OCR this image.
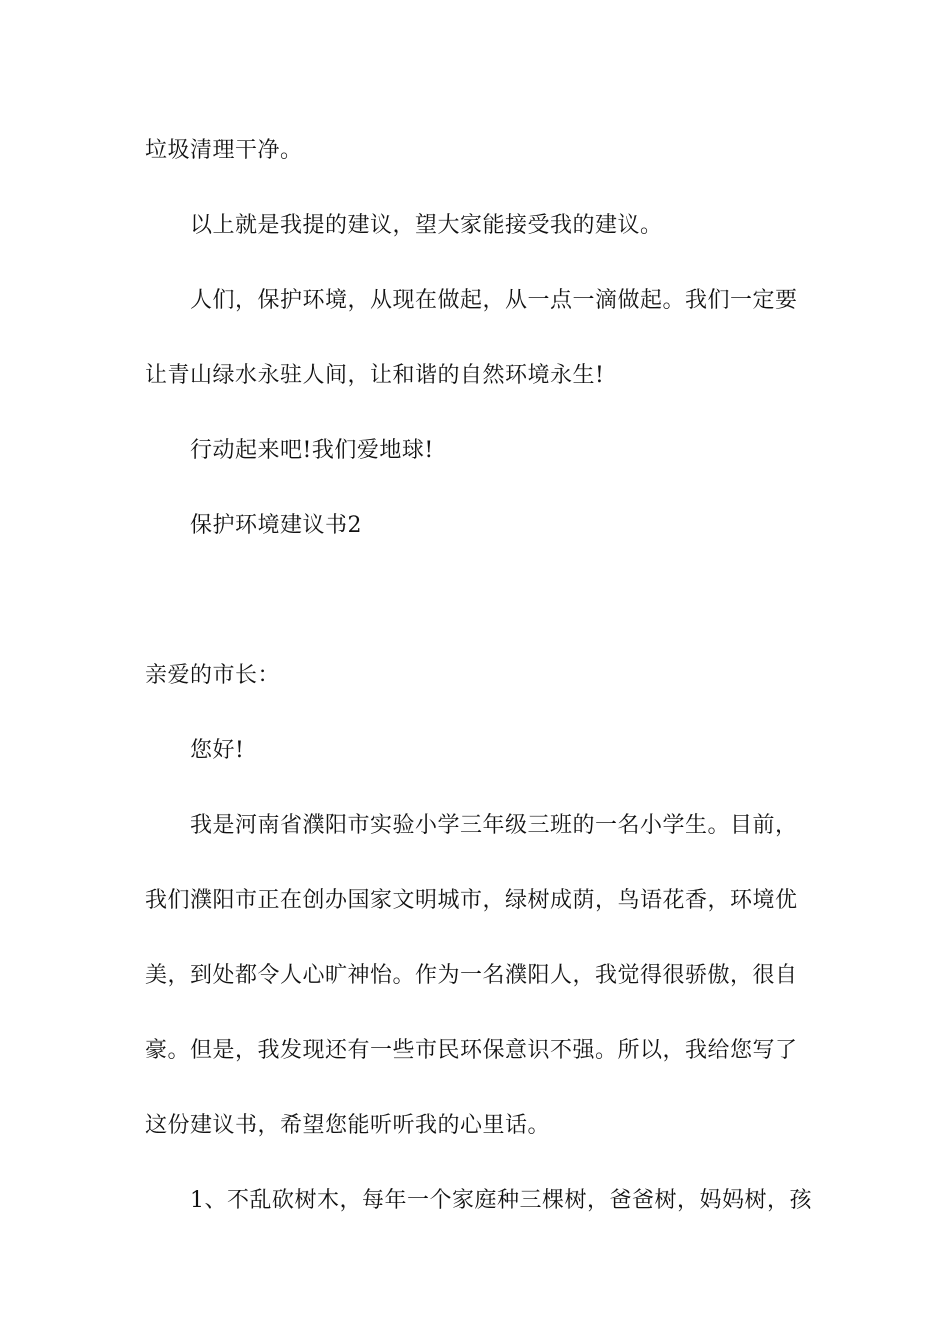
垃圾清理干净。
以上就是我提的建议，望大家能接受我的建议。
人们，保护环境，从现在做起，从一点一滴做起。我们一定要
让青山绿水永驻人间，让和谐的自然环境永生!
行动起来吧!我们爱地球!
保护环境建议书2
亲爱的市长：
您好!
我是河南省濮阳市实验小学三年级三班的一名小学生。目前，
我们濮阳市正在创办国家文明城市，绿树成荫，鸟语花香，环境优
美，到处都令人心旷神怡。作为一名濮阳人，我觉得很骄傲，很自
豪。但是，我发现还有一些市民环保意识不强。所以，我给您写了
这份建议书，希望您能听听我的心里话。
1、不乱砍树木，每年一个家庭种三棵树，爸爸树，妈妈树，孩
